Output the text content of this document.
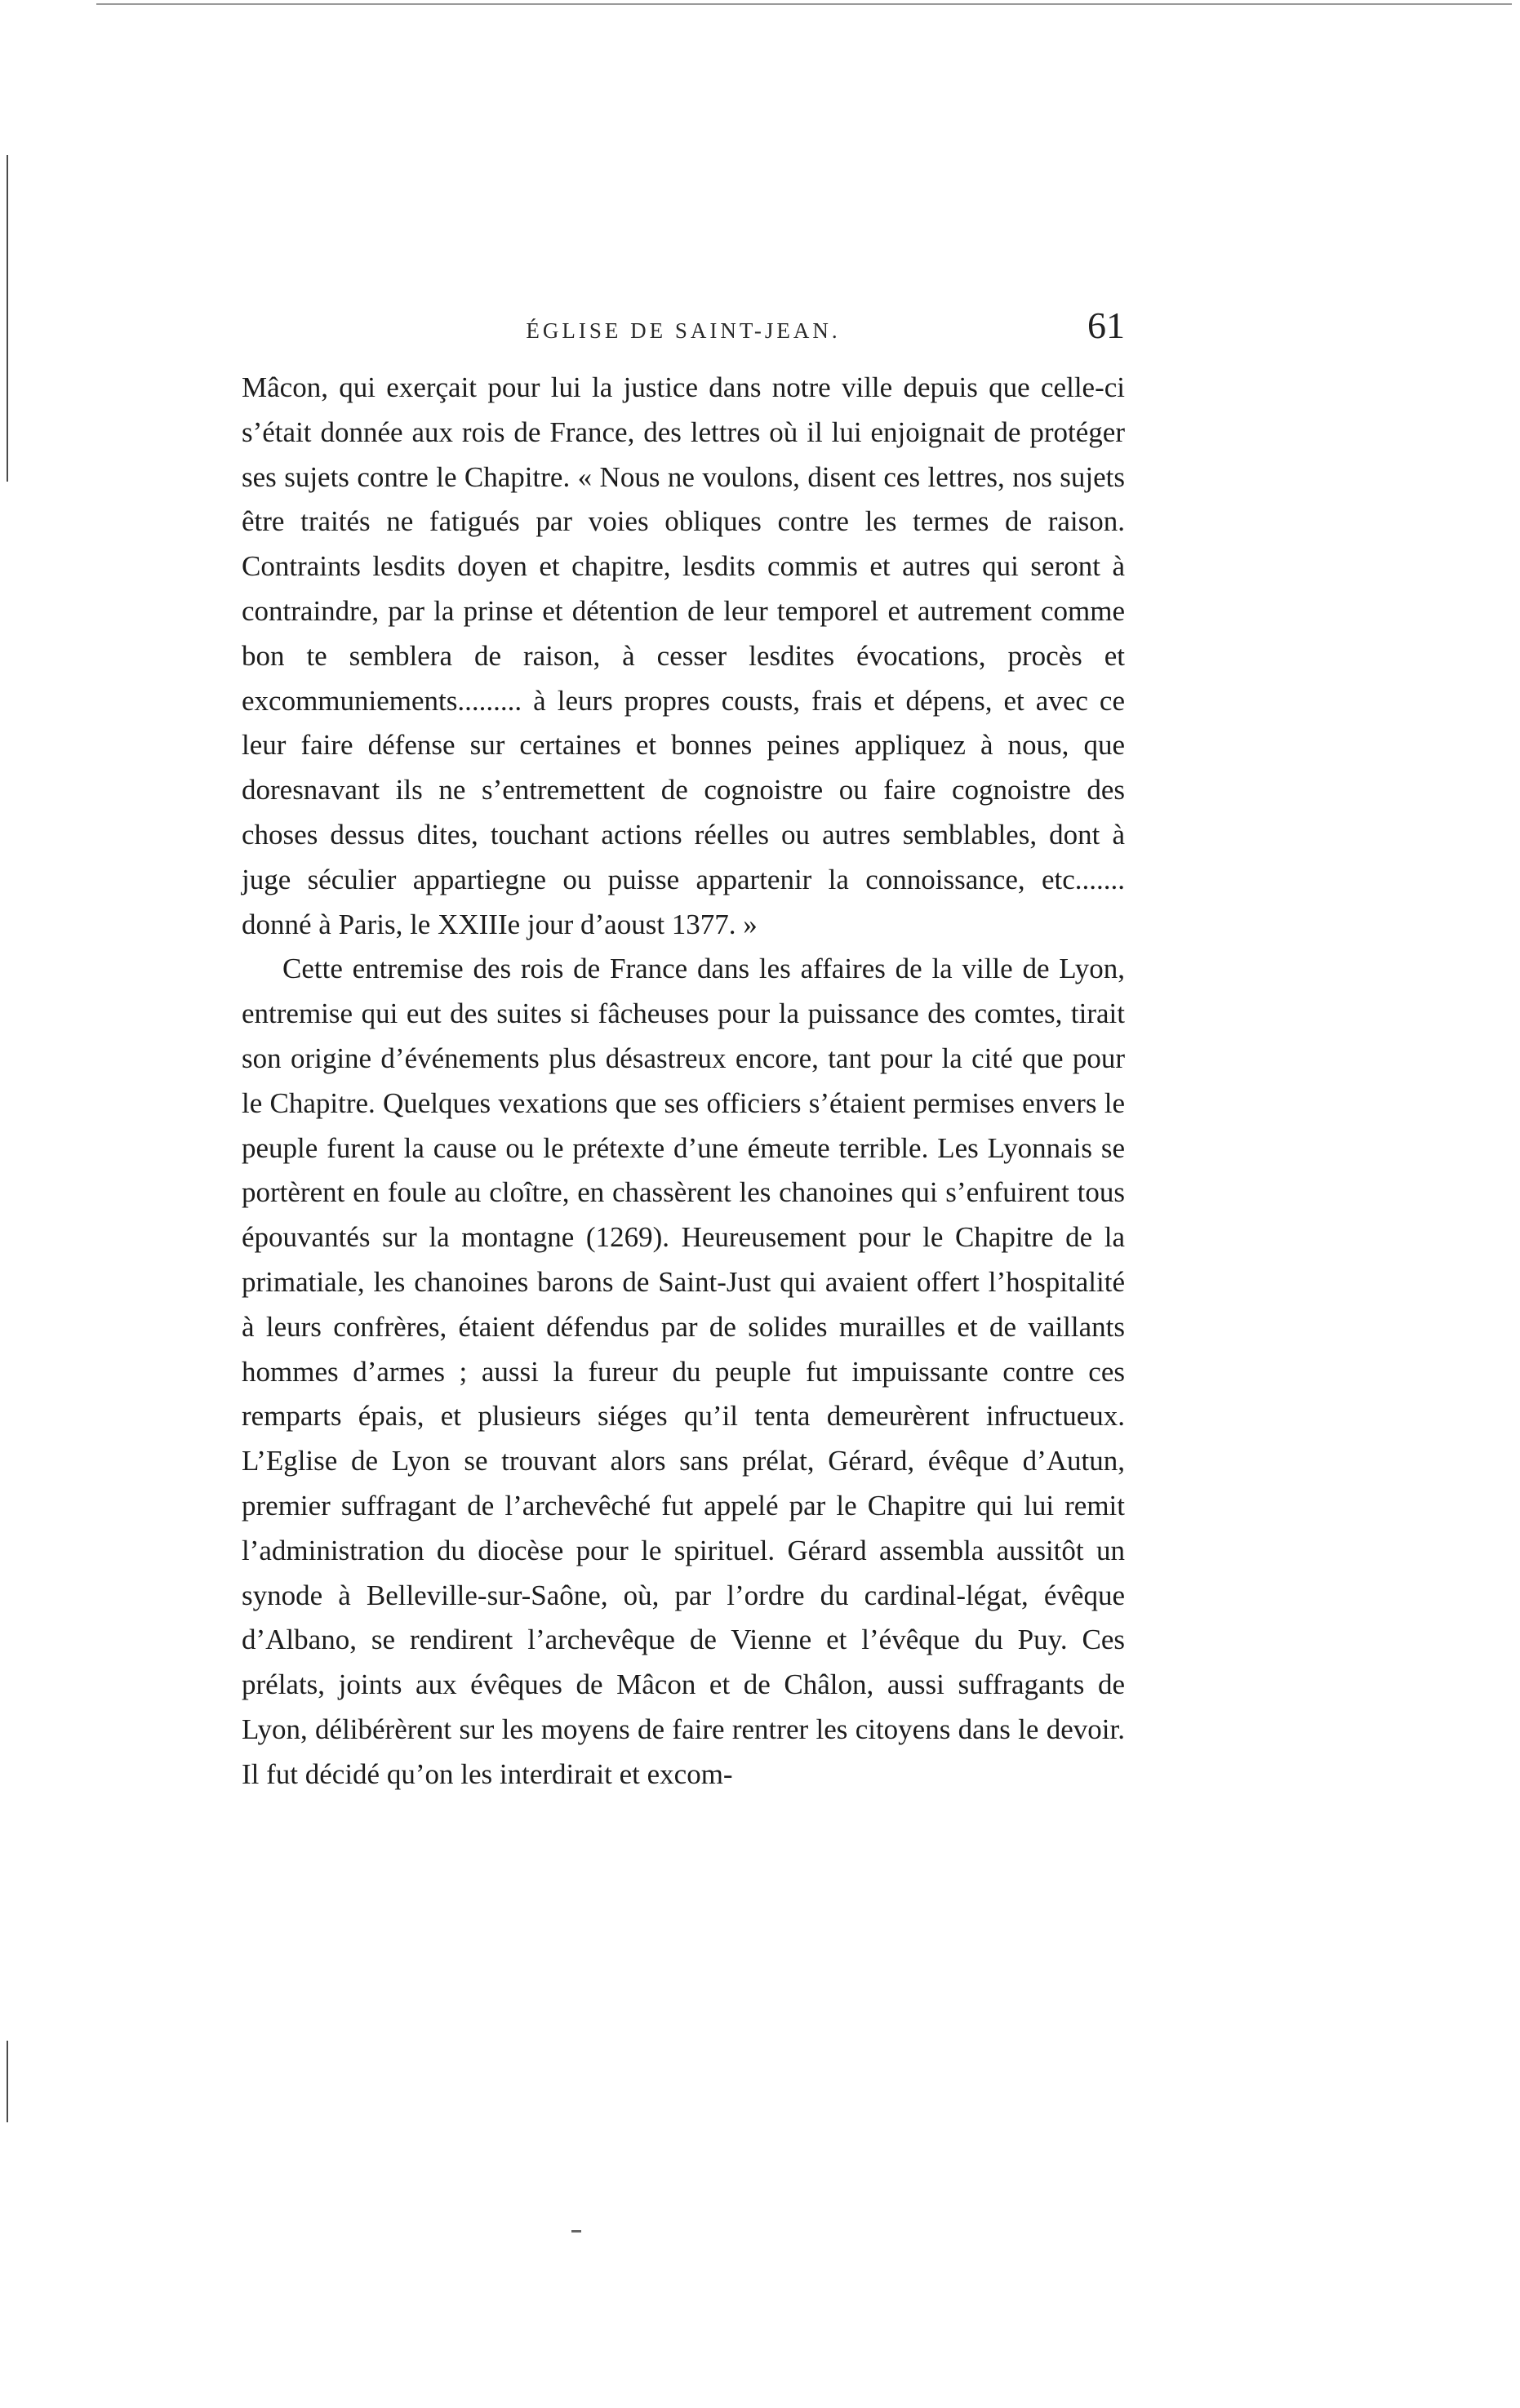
ÉGLISE DE SAINT-JEAN.	61

Mâcon, qui exerçait pour lui la justice dans notre ville depuis que celle-ci s’était donnée aux rois de France, des lettres où il lui enjoignait de protéger ses sujets contre le Chapitre. « Nous ne voulons, disent ces lettres, nos sujets être traités ne fatigués par voies obliques contre les termes de raison. Contraints lesdits doyen et chapitre, lesdits commis et autres qui seront à contraindre, par la prinse et détention de leur temporel et autrement comme bon te semblera de raison, à cesser lesdites évocations, procès et excommuniements......... à leurs propres cousts, frais et dépens, et avec ce leur faire défense sur certaines et bonnes peines appliquez à nous, que doresnavant ils ne s’entremettent de cognoistre ou faire cognoistre des choses dessus dites, touchant actions réelles ou autres semblables, dont à juge séculier appartiegne ou puisse appartenir la connoissance, etc....... donné à Paris, le XXIIIe jour d’aoust 1377. »

Cette entremise des rois de France dans les affaires de la ville de Lyon, entremise qui eut des suites si fâcheuses pour la puissance des comtes, tirait son origine d’événements plus désastreux encore, tant pour la cité que pour le Chapitre. Quelques vexations que ses officiers s’étaient permises envers le peuple furent la cause ou le prétexte d’une émeute terrible. Les Lyonnais se portèrent en foule au cloître, en chassèrent les chanoines qui s’enfuirent tous épouvantés sur la montagne (1269). Heureusement pour le Chapitre de la primatiale, les chanoines barons de Saint-Just qui avaient offert l’hospitalité à leurs confrères, étaient défendus par de solides murailles et de vaillants hommes d’armes ; aussi la fureur du peuple fut impuissante contre ces remparts épais, et plusieurs siéges qu’il tenta demeurèrent infructueux. L’Eglise de Lyon se trouvant alors sans prélat, Gérard, évêque d’Autun, premier suffragant de l’archevêché fut appelé par le Chapitre qui lui remit l’administration du diocèse pour le spirituel. Gérard assembla aussitôt un synode à Belleville-sur-Saône, où, par l’ordre du cardinal-légat, évêque d’Albano, se rendirent l’archevêque de Vienne et l’évêque du Puy. Ces prélats, joints aux évêques de Mâcon et de Châlon, aussi suffragants de Lyon, délibérèrent sur les moyens de faire rentrer les citoyens dans le devoir. Il fut décidé qu’on les interdirait et excom-
